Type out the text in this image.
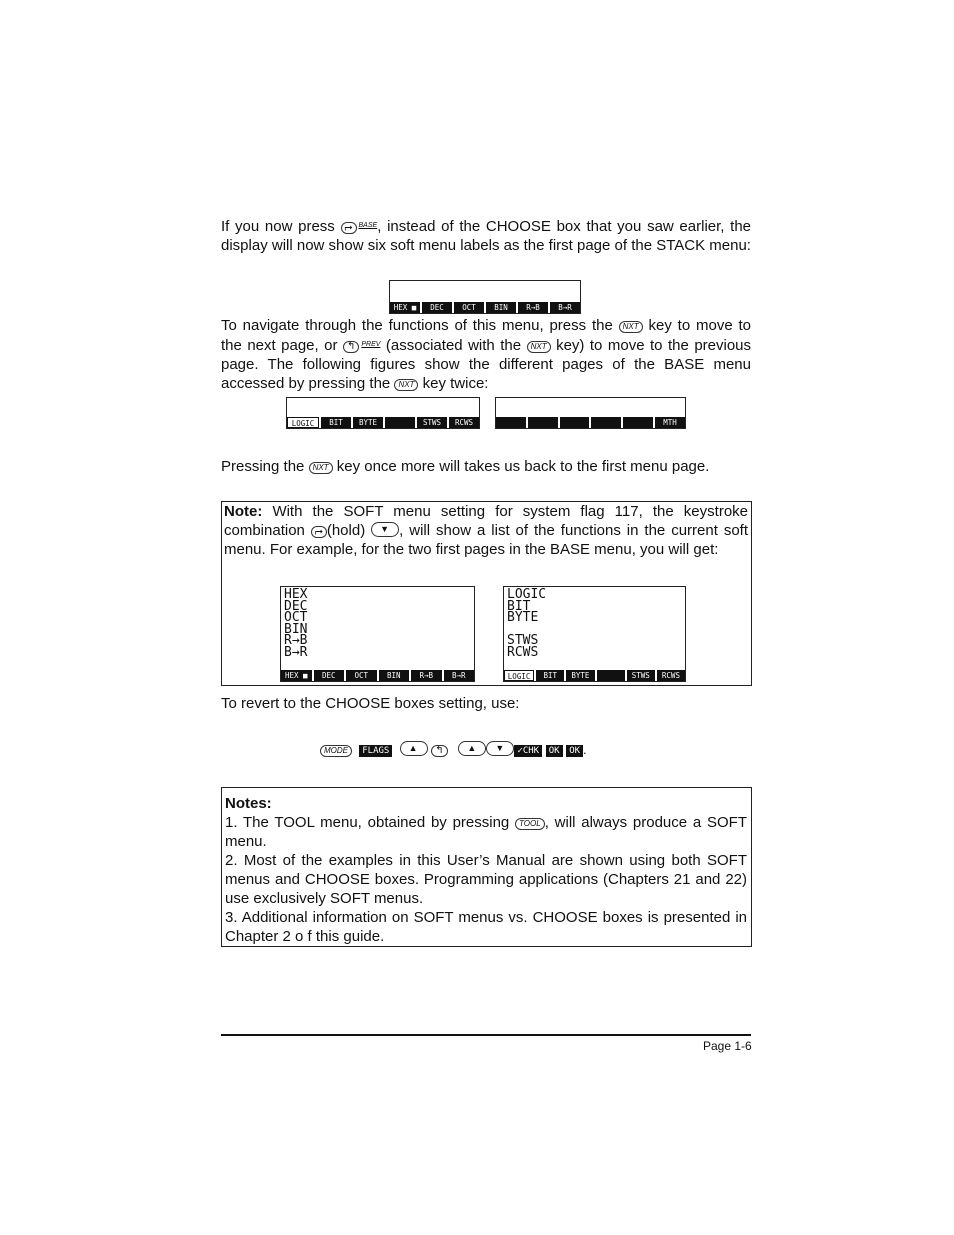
If you now press ⮣ $^{BASE}$, instead of the CHOOSE box that you saw earlier, the display will now show six soft menu labels as the first page of the STACK menu:

HEX ■	DEC	OCT	BIN	R→B	B→R

To navigate through the functions of this menu, press the NXT key to move to the next page, or ↰ $^{PREV}$ (associated with the NXT key) to move to the previous page. The following figures show the different pages of the BASE menu accessed by pressing the NXT key twice:

LOGIC	BIT	BYTE	STWS	RCWS	MTH

Pressing the NXT key once more will takes us back to the first menu page.

Note: With the SOFT menu setting for system flag 117, the keystroke combination ⮣ (hold) ▼ , will show a list of the functions in the current soft menu. For example, for the two first pages in the BASE menu, you will get:

HEX
DEC
OCT
BIN
R→B
B→R
HEX ■	DEC	OCT	BIN	R→B	B→R
LOGIC
BIT
BYTE
STWS
RCWS
LOGIC	BIT	BYTE	STWS	RCWS

To revert to the CHOOSE boxes setting, use:

MODE FLAGS ▲ ↰	▲ ▼ ✓CHK OK OK .
Notes:
1. The TOOL menu, obtained by pressing TOOL , will always produce a SOFT menu.
2. Most of the examples in this User’s Manual are shown using both SOFT menus and CHOOSE boxes. Programming applications (Chapters 21 and 22) use exclusively SOFT menus.
3. Additional information on SOFT menus vs. CHOOSE boxes is presented in Chapter 2 o f this guide.
Page 1-6
